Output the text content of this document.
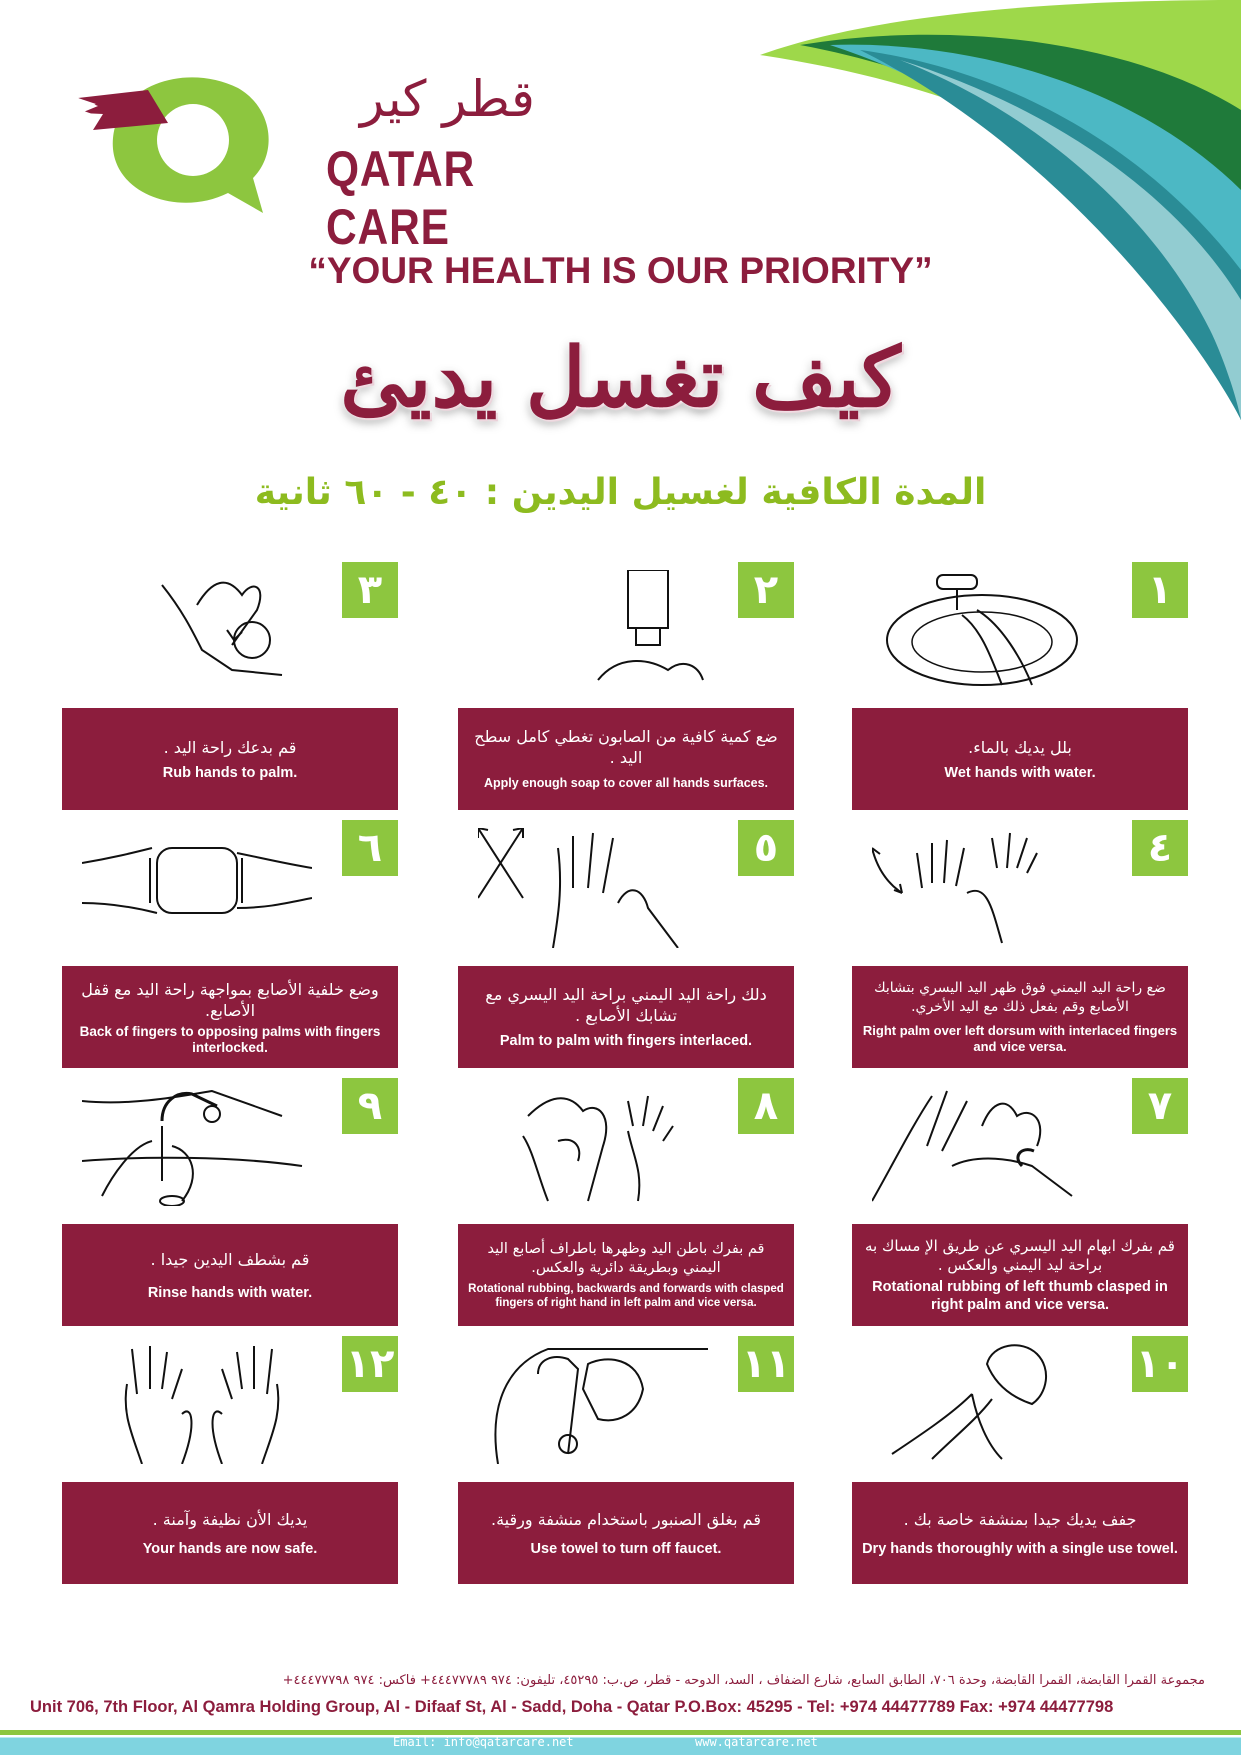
قطر كير
QATAR CARE
“YOUR HEALTH IS OUR PRIORITY”
كيف تغسل يديئ
المدة الكافية لغسيل اليدين : ٤٠ - ٦٠ ثانية
١
بلل يديك بالماء.
Wet hands with water.
٢
ضع كمية كافية من الصابون تغطي كامل سطح اليد .
Apply enough soap to cover all hands surfaces.
٣
قم بدعك راحة اليد .
Rub hands to palm.
٤
ضع راحة اليد اليمني فوق ظهر اليد اليسري بتشابك الأصابع وقم بفعل ذلك مع اليد الأخري.
Right palm over left dorsum with interlaced fingers and vice versa.
٥
دلك راحة اليد اليمني براحة اليد اليسري مع تشابك الأصابع .
Palm to palm with fingers interlaced.
٦
وضع خلفية الأصابع بمواجهة راحة اليد مع قفل الأصابع.
Back of fingers to opposing palms with fingers interlocked.
٧
قم بفرك ابهام اليد اليسري عن طريق الإ مساك به براحة ليد اليمني والعكس .
Rotational rubbing of left thumb clasped in right palm and vice versa.
٨
قم بفرك باطن اليد وظهرها باطراف أصابع اليد اليمني وبطريقة دائرية والعكس.
Rotational rubbing, backwards and forwards with clasped fingers of right hand in left palm and vice versa.
٩
قم بشطف اليدين جيدا .
Rinse hands with water.
١٠
جفف يديك جيدا بمنشفة خاصة بك .
Dry hands thoroughly with a single use towel.
١١
قم بغلق الصنبور باستخدام منشفة ورقية.
Use towel to turn off faucet.
١٢
يديك الأن نظيفة وآمنة .
Your hands are now safe.
مجموعة القمرا القابضة، القمرا القابضة، وحدة ٧٠٦، الطابق السابع، شارع الضفاف ، السد، الدوحه - قطر، ص.ب: ٤٥٢٩٥، تليفون: ٩٧٤ ٤٤٤٧٧٧٨٩+ فاكس: ٩٧٤ ٤٤٤٧٧٧٩٨+
Unit 706, 7th Floor, Al Qamra Holding Group, Al - Difaaf St, Al - Sadd, Doha - Qatar P.O.Box: 45295 - Tel: +974 44477789 Fax: +974 44477798
Email: info@qatarcare.net	www.qatarcare.net
